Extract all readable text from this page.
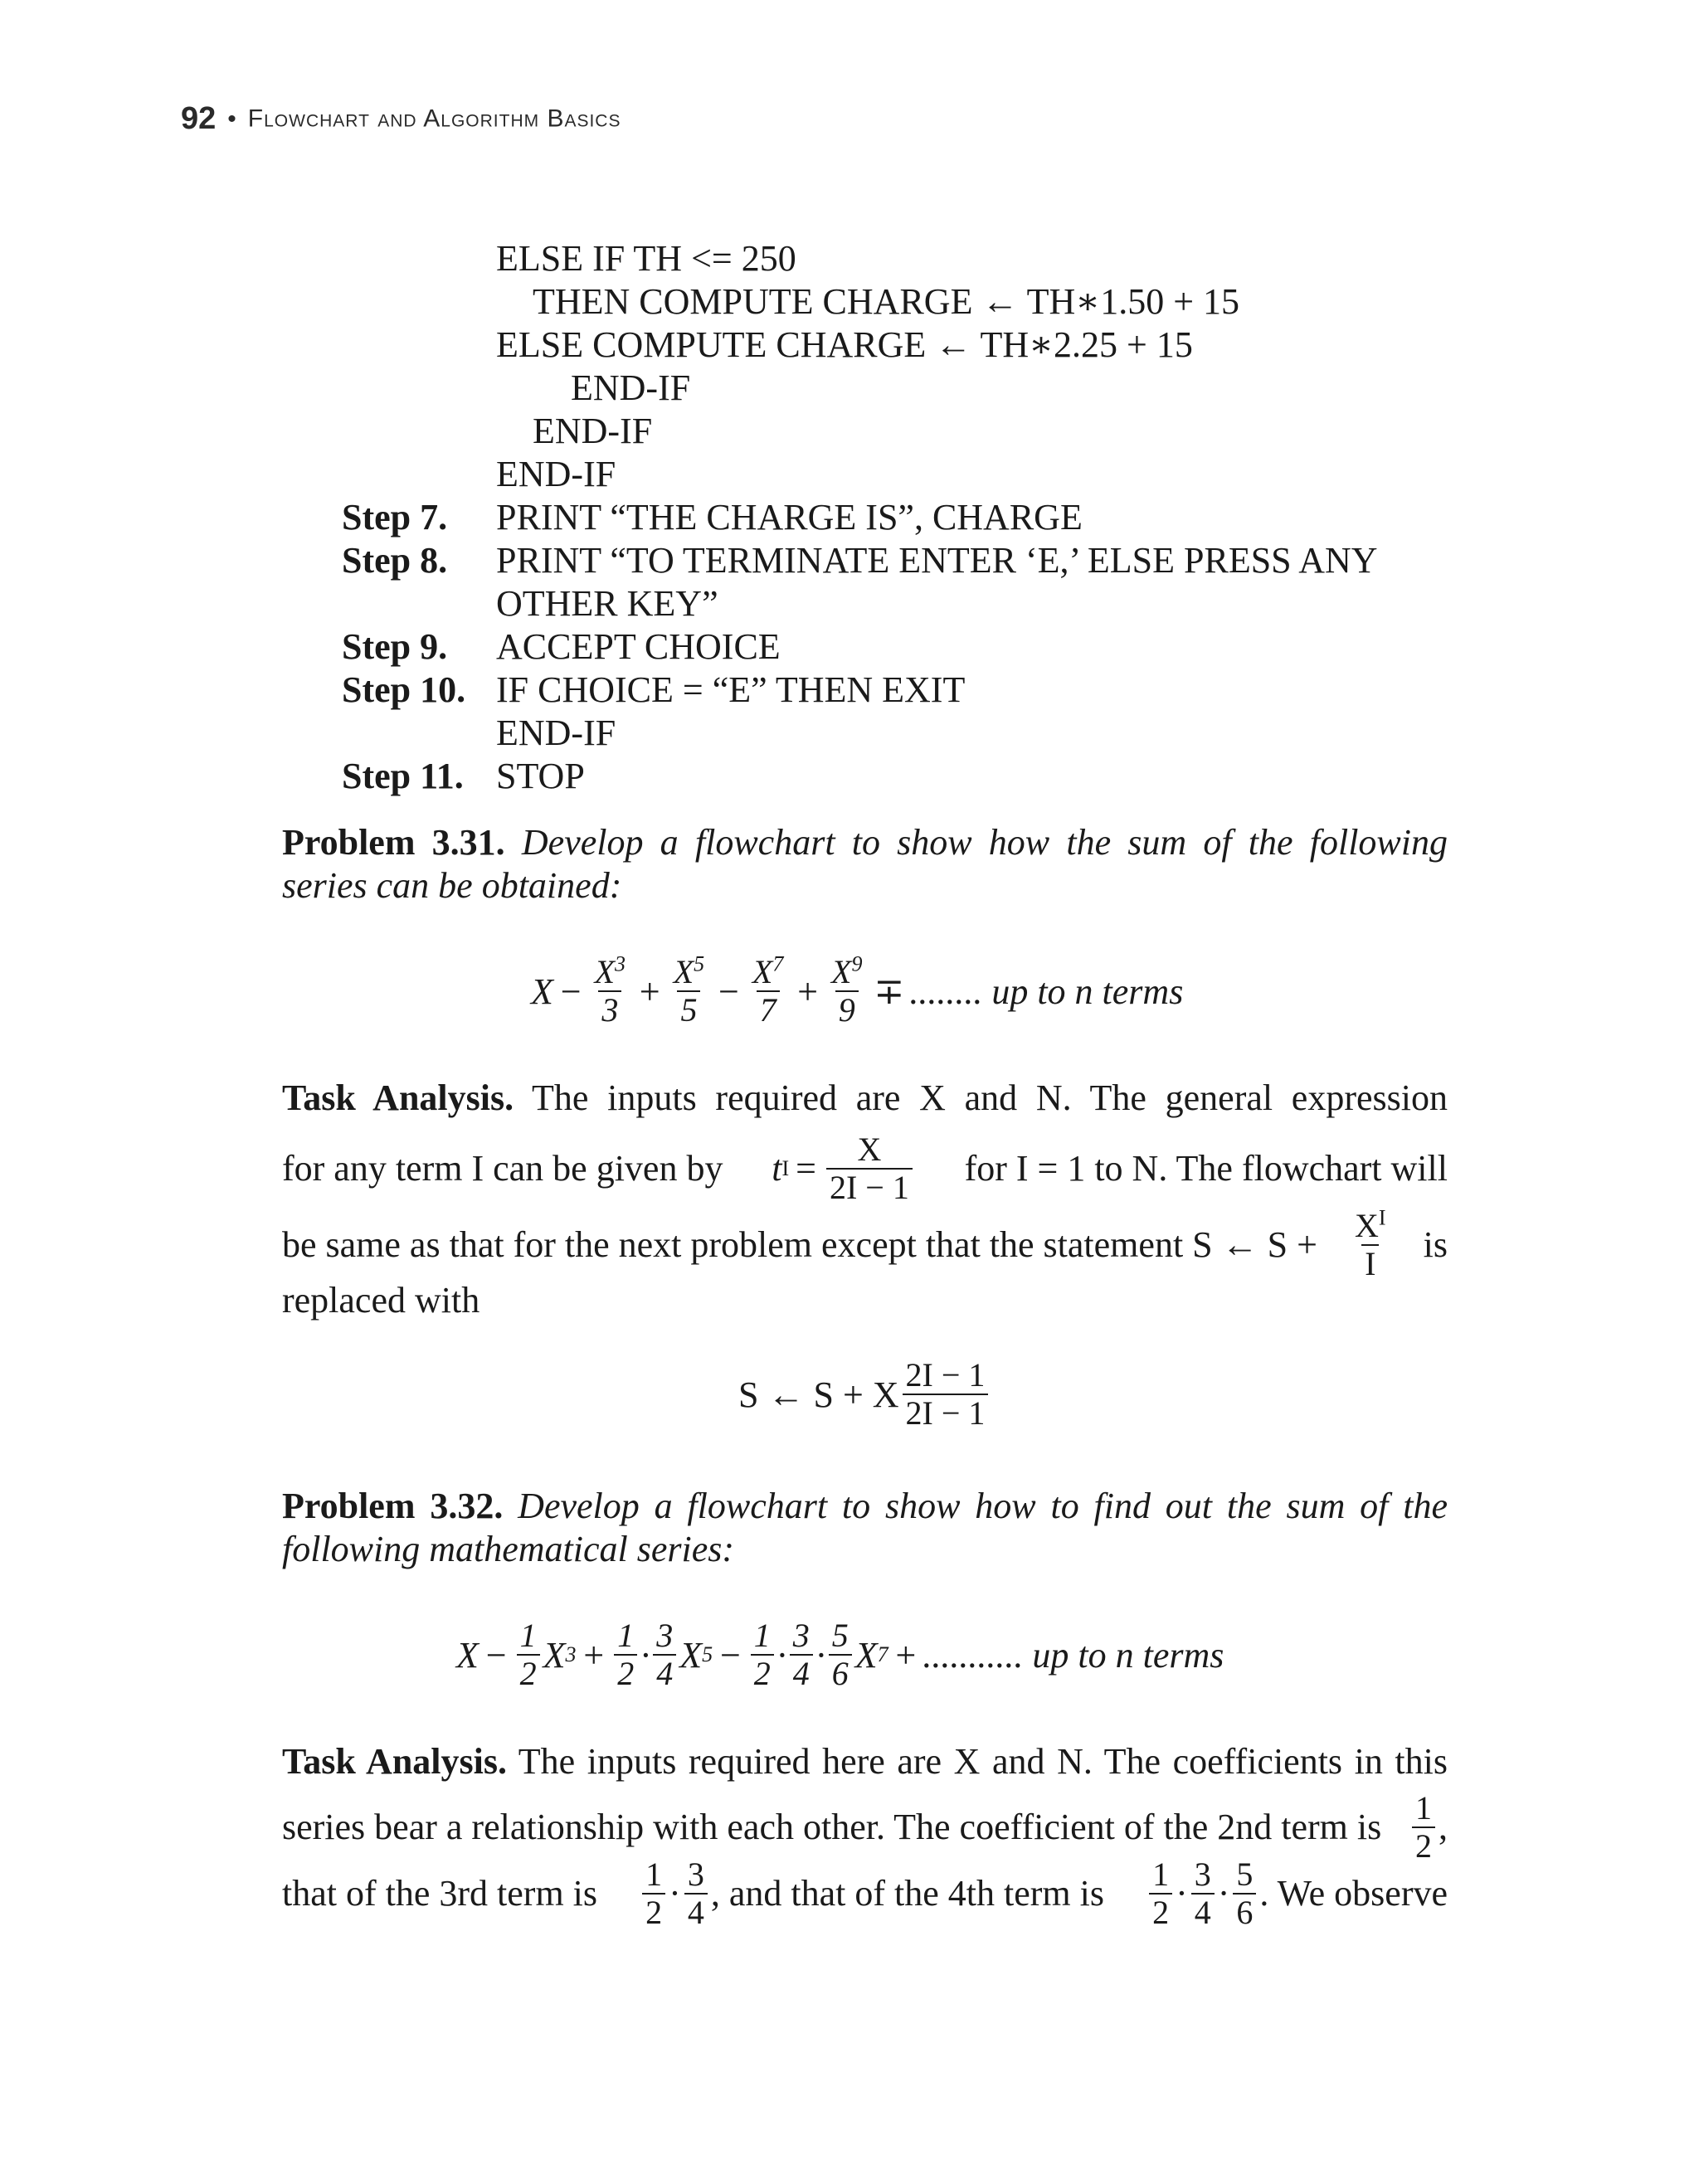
92 • Flowchart and Algorithm Basics
ELSE IF TH <= 250
THEN COMPUTE CHARGE ← TH∗1.50 + 15
ELSE COMPUTE CHARGE ← TH∗2.25 + 15
END-IF
END-IF
END-IF
Step 7. PRINT “THE CHARGE IS”, CHARGE
Step 8. PRINT “TO TERMINATE ENTER ‘E,’ ELSE PRESS ANY
OTHER KEY”
Step 9. ACCEPT CHOICE
Step 10. IF CHOICE = “E” THEN EXIT
END-IF
Step 11. STOP
Problem 3.31. Develop a flowchart to show how the sum of the following
series can be obtained:
$X - \frac{X^3}{3} + \frac{X^5}{5} - \frac{X^7}{7} + \frac{X^9}{9}$ ∓ ........ up to n terms
Task Analysis. The inputs required are X and N. The general expression
for any term I can be given by t $I = \frac{X}{2I - 1}$ for I = 1 to N. The flowchart will
be same as that for the next problem except that the statement S ← $S + \frac{X^I}{I}$ is
replaced with
S ← S + X $\frac{2I - 1}{2I - 1}$
Problem 3.32. Develop a flowchart to show how to find out the sum of the
following mathematical series:
$X - \frac{1}{2}$ X $3 + \frac{1}{2} \cdot \frac{3}{4}$ X $5 - \frac{1}{2} \cdot \frac{3}{4} \cdot \frac{5}{6}$ X 7 + ........... up to n terms
Task Analysis. The inputs required here are X and N. The coefficients in this
series bear a relationship with each other. The coefficient of the 2nd term is $\frac{1}{2}$ ,
that of the 3rd term is $\frac{1}{2} \cdot \frac{3}{4}$ , and that of the 4th term is $\frac{1}{2} \cdot \frac{3}{4} \cdot \frac{5}{6}$ . We observe
